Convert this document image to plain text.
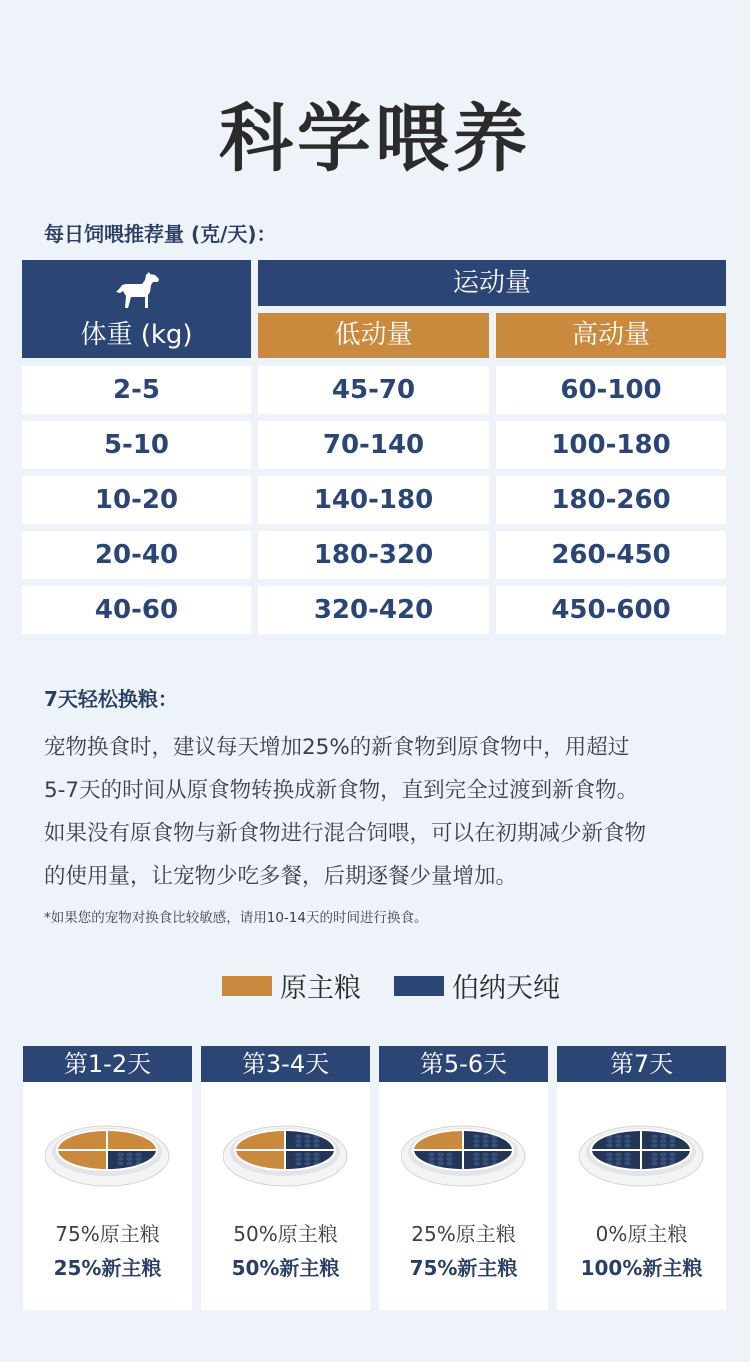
科学喂养
每日饲喂推荐量 (克/天)：
体重 (kg)
运动量
低动量	高动量
2-5	45-70	60-100
5-10	70-140	100-180
10-20	140-180	180-260
20-40	180-320	260-450
40-60	320-420	450-600
7天轻松换粮：

宠物换食时，建议每天增加25%的新食物到原食物中，用超过
5-7天的时间从原食物转换成新食物，直到完全过渡到新食物。
如果没有原食物与新食物进行混合饲喂，可以在初期减少新食物
的使用量，让宠物少吃多餐，后期逐餐少量增加。

*如果您的宠物对换食比较敏感，请用10-14天的时间进行换食。
原主粮	伯纳天纯
第1-2天
75%原主粮
25%新主粮
第3-4天
50%原主粮
50%新主粮
第5-6天
25%原主粮
75%新主粮
第7天
0%原主粮
100%新主粮
